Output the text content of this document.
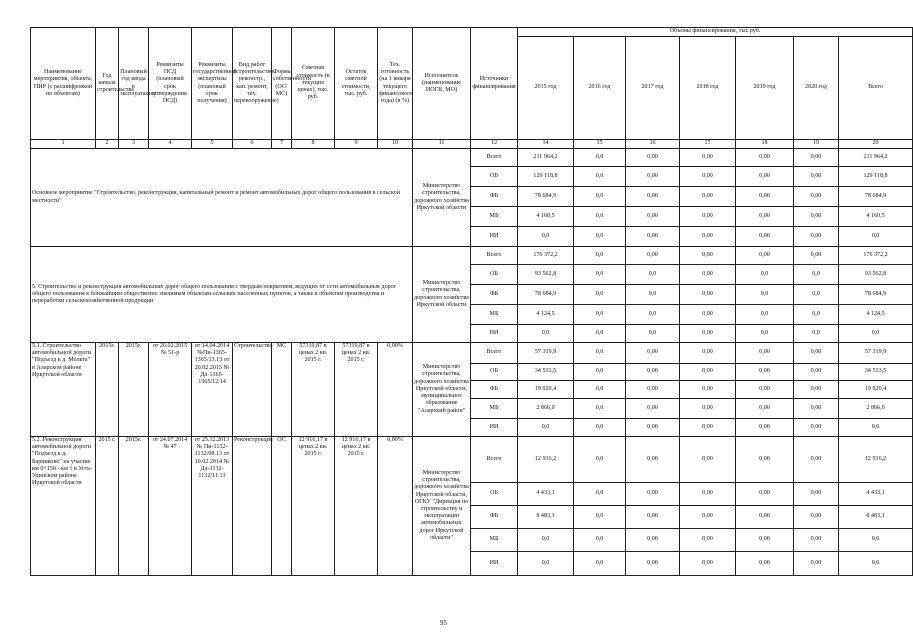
Наименование мероприятия, объекта, ПИР (с расшифровкой по объектам)	Год начала строительства	Плановый год ввода в эксплуатацию	Реквизиты ПСД (плановый срок утверждения ПСД)	Реквизиты государственной экспертизы (плановый срок получения)	Вид работ (строительство, реконстр., кап. ремонт, тех. перевооружение)	Форма собственности (ОС/МС)	Сметная стоимость (в текущих ценах), тыс. руб.	Остаток сметной стоимости, тыс. руб.	Тех. готовность (на 1 января текущего финансового года) (в %)	Исполнитель (наименование ИОГВ, МО)	Источники финансирования	Объемы финансирования, тыс.руб.						
												2015 год	2016 год	2017 год	2018 год	2019 год	2020 год	Всего
1	2	3	4	5	6	7	8	9	10	11	12	14	15	16	17	18	19	20
Основное мероприятие "Строительство, реконструкция, капитальный ремонт и ремонт автомобильных дорог общего пользования в сельской местности"										Министерство строительства, дорожного хозяйства Иркутской области	Всего	211 964,2	0,0	0,00	0,00	0,00	0,00	211 964,2
											ОБ	129 118,8	0,0	0,00	0,00	0,00	0,00	129 118,8
											ФБ	78 684,9	0,0	0,00	0,00	0,00	0,00	78 684,9
											МБ	4 160,5	0,0	0,00	0,00	0,00	0,00	4 160,5
											ИИ	0,0	0,0	0,00	0,00	0,00	0,00	0,0
5. Строительство и реконструкция автомобильных дорог общего пользования с твердым покрытием, ведущих от сети автомобильных дорог общего пользования к ближайшим общественно значимым объектам сельских населенных пунктов, а также к объектам производства и переработки сельскохозяйственной продукции										Министерство строительства, дорожного хозяйства Иркутской области	Всего	176 372,2	0,0	0,00	0,00	0,00	0,00	176 372,2
											ОБ	93 562,8	0,0	0,0	0,00	0,0	0,0	93 562,8
											ФБ	78 684,9	0,0	0,0	0,00	0,0	0,0	78 684,9
											МБ	4 124,5	0,0	0,0	0,00	0,0	0,0	4 124,5
											ИИ	0,0	0,0	0,0	0,00	0,0	0,0	0,0
5.1. Строительство автомобильной дороги "Подъезд к д. Мольта" в Аларском районе Иркутской области	2015г.	2015г.	от 26.02.2015 № 51-р	от 14.04.2014 №Пи-1365-1365/13.13 от 20.02.2015 № Дл-1365-1365/12.14	Строительство	МС	57319,87 в ценах 2 кв. 2015 г.	57319,87 в ценах 2 кв. 2015 г.	0,00%	Министерство строительства, дорожного хозяйства Иркутской области, муниципальное образование "Аларский район"	Всего	57 319,9	0,0	0,00	0,00	0,00	0,00	57 319,9
											ОБ	34 533,5	0,0	0,00	0,00	0,00	0,00	34 533,5
											ФБ	19 920,4	0,0	0,00	0,00	0,00	0,00	19 920,4
											МБ	2 866,0	0,0	0,00	0,00	0,00	0,00	2 866,0
											ИИ	0,0	0,0	0,00	0,00	0,00	0,00	0,0
5.2. Реконструкция автомобильной дороги "Подъезд к д. Барниково" на участке км 0+150 - км 1 в Усть-Удинском районе Иркутской области	2015 г.	2015г.	от 24.07.2014 № 47	от 25.12.2013 № Пи-1132-1132/08.13 от 10.02.2014 № Дл-1132-1132/11.13	Реконструкция	ОС	12 916,17 в ценах 2 кв. 2015 г.	12 916,17 в ценах 2 кв. 2015 г.	0,00%	Министерство строительства, дорожного хозяйства Иркутской области, ОГКУ "Дирекция по строительству и эксплуатации автомобильных дорог Иркутской области"	Всего	12 916,2	0,0	0,00	0,00	0,00	0,00	12 916,2
											ОБ	4 433,1	0,0	0,00	0,00	0,00	0,00	4 433,1
											ФБ	8 483,1	0,0	0,00	0,00	0,00	0,00	8 483,1
											МБ	0,0	0,0	0,00	0,00	0,00	0,00	0,0
											ИИ	0,0	0,0	0,00	0,00	0,00	0,00	0,0
95
